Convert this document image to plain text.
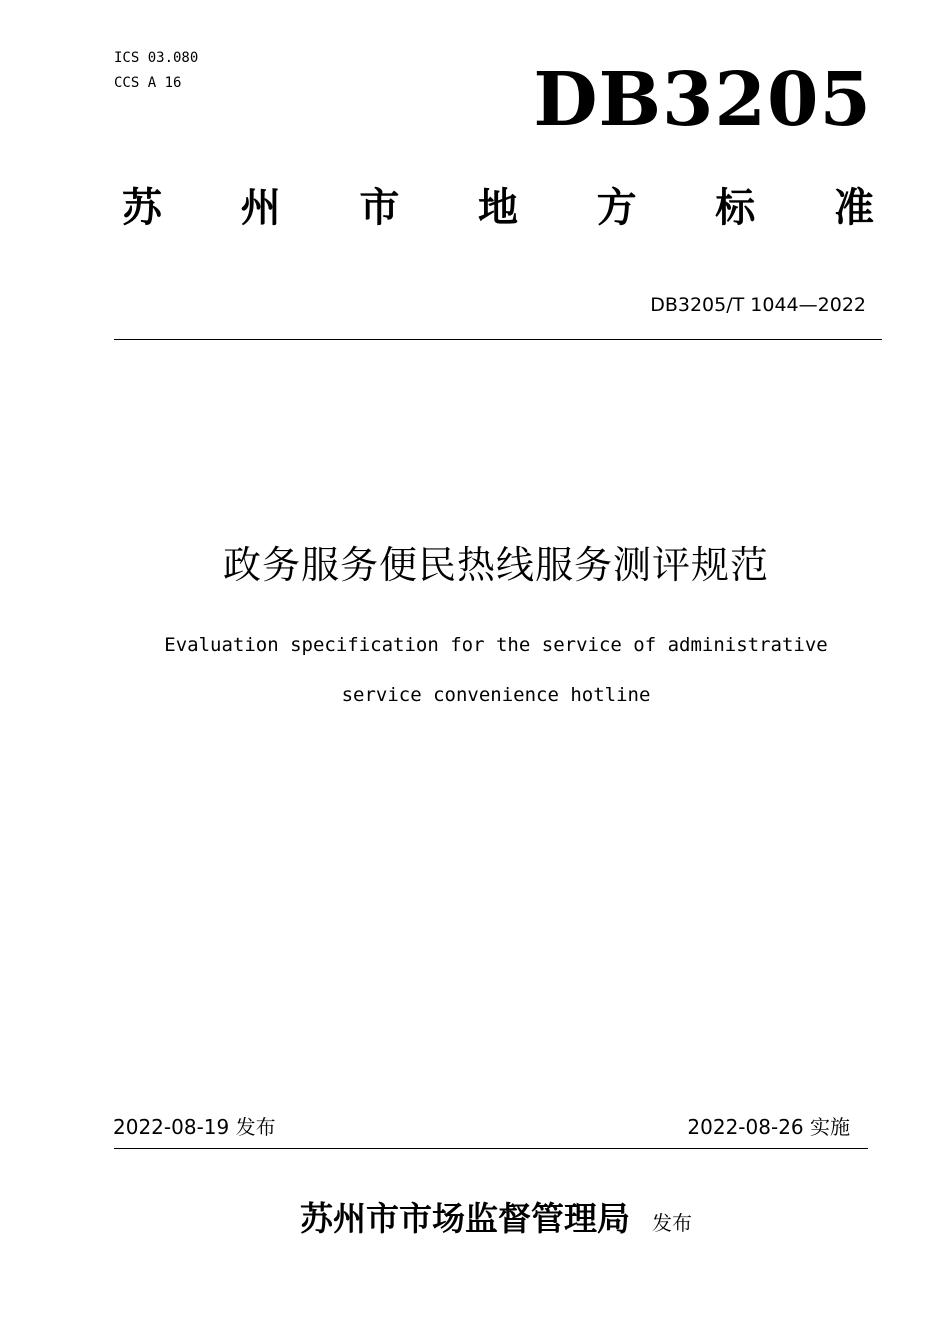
ICS 03.080
CCS A 16	DB3205
苏 州 市 地 方 标 准
DB3205/T 1044—2022
政务服务便民热线服务测评规范
Evaluation specification for the service of administrative
service convenience hotline
2022-08-19 发布	2022-08-26 实施
苏州市市场监督管理局 发布
